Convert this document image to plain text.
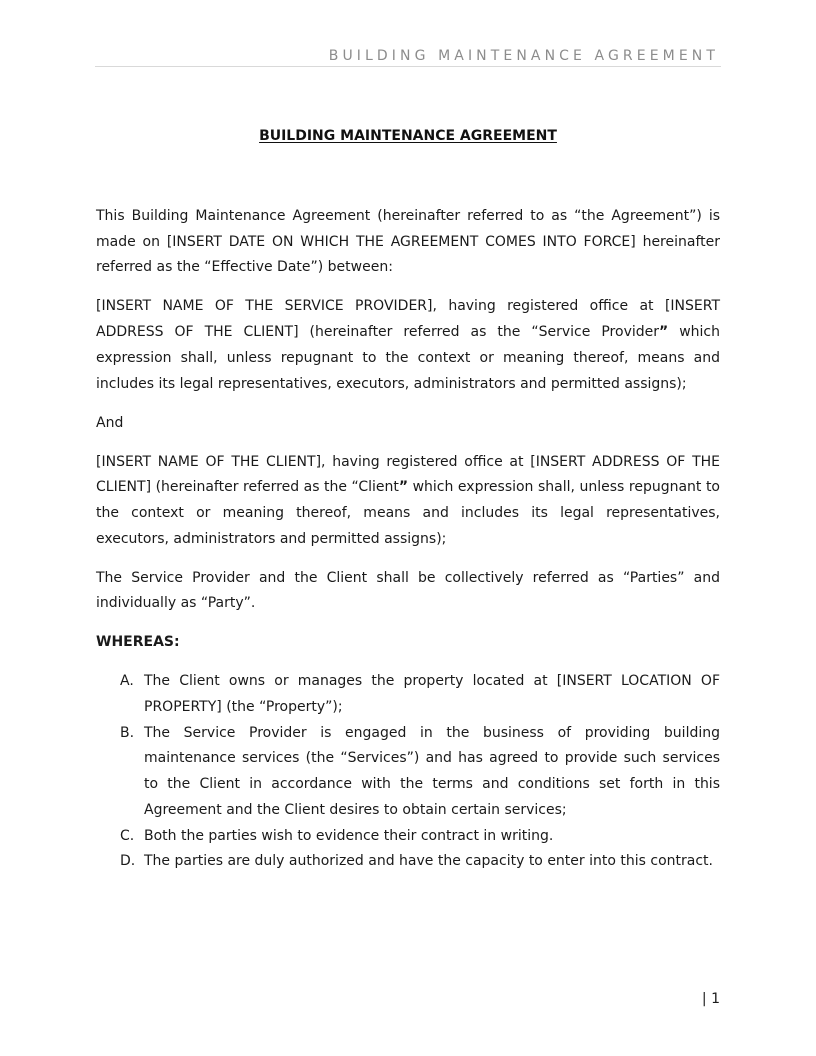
BUILDING MAINTENANCE AGREEMENT
BUILDING MAINTENANCE AGREEMENT

This Building Maintenance Agreement (hereinafter referred to as “the Agreement”) is made on [INSERT DATE ON WHICH THE AGREEMENT COMES INTO FORCE] hereinafter referred as the “Effective Date”) between:

[INSERT NAME OF THE SERVICE PROVIDER], having registered office at [INSERT ADDRESS OF THE CLIENT] (hereinafter referred as the “Service Provider” which expression shall, unless repugnant to the context or meaning thereof, means and includes its legal representatives, executors, administrators and permitted assigns);

And

[INSERT NAME OF THE CLIENT], having registered office at [INSERT ADDRESS OF THE CLIENT] (hereinafter referred as the “Client” which expression shall, unless repugnant to the context or meaning thereof, means and includes its legal representatives, executors, administrators and permitted assigns);

The Service Provider and the Client shall be collectively referred as “Parties” and individually as “Party”.

WHEREAS:

A. The Client owns or manages the property located at [INSERT LOCATION OF PROPERTY] (the “Property”);
B. The Service Provider is engaged in the business of providing building maintenance services (the “Services”) and has agreed to provide such services to the Client in accordance with the terms and conditions set forth in this Agreement and the Client desires to obtain certain services;
C. Both the parties wish to evidence their contract in writing.
D. The parties are duly authorized and have the capacity to enter into this contract.
| 1
